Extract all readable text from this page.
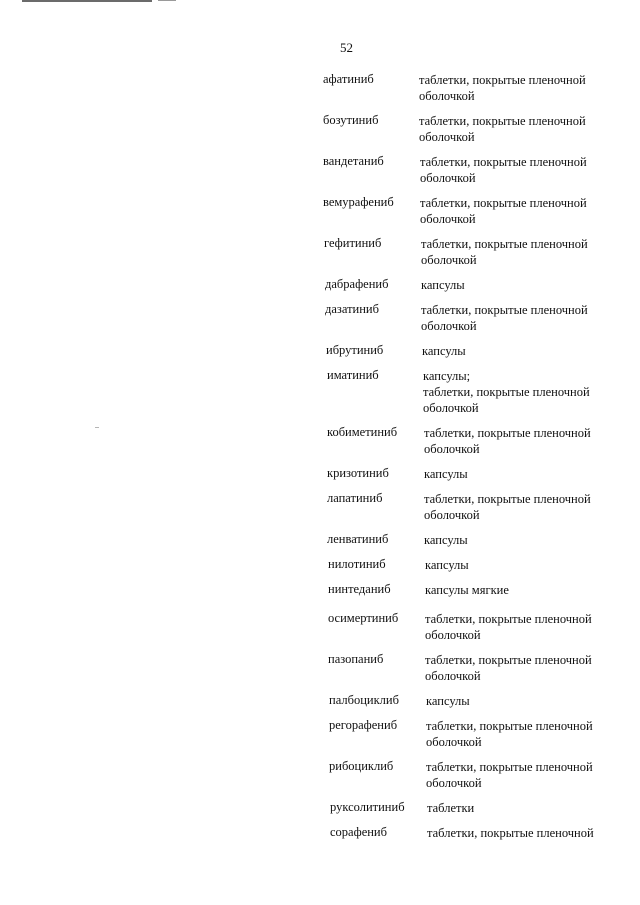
52
афатиниб	таблетки, покрытые пленочной оболочкой
бозутиниб	таблетки, покрытые пленочной оболочкой
вандетаниб	таблетки, покрытые пленочной оболочкой
вемурафениб таблетки, покрытые пленочной оболочкой
гефитиниб	таблетки, покрытые пленочной оболочкой
дабрафениб	капсулы
дазатиниб	таблетки, покрытые пленочной оболочкой
ибрутиниб	капсулы
иматиниб	капсулы;
таблетки, покрытые пленочной оболочкой
кобиметиниб таблетки, покрытые пленочной оболочкой
кризотиниб	капсулы
лапатиниб	таблетки, покрытые пленочной оболочкой
ленватиниб	капсулы
нилотиниб	капсулы
нинтеданиб	капсулы мягкие
осимертиниб таблетки, покрытые пленочной оболочкой
пазопаниб	таблетки, покрытые пленочной оболочкой
палбоциклиб капсулы
регорафениб таблетки, покрытые пленочной оболочкой
рибоциклиб	таблетки, покрытые пленочной оболочкой
руксолитиниб таблетки
сорафениб	таблетки, покрытые пленочной
